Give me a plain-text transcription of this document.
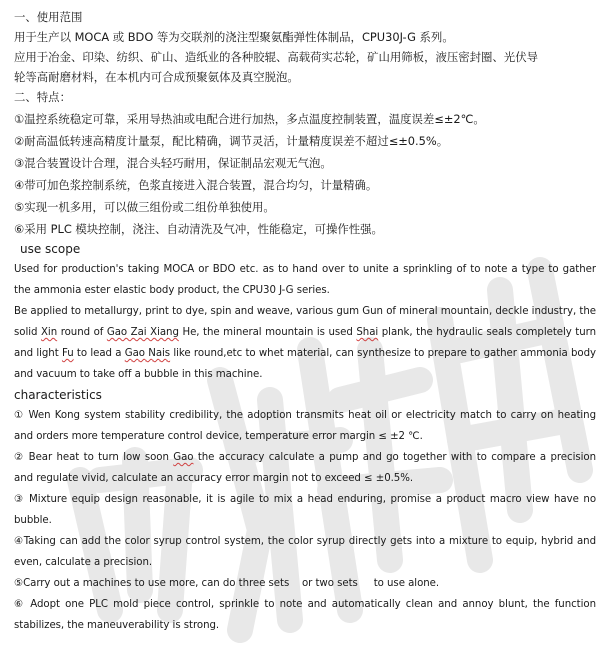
一、使用范围
用于生产以 MOCA 或 BDO 等为交联剂的浇注型聚氨酯弹性体制品，CPU30J-G 系列。
应用于冶金、印染、纺织、矿山、造纸业的各种胶辊、高载荷实芯轮，矿山用筛板，液压密封圈、光伏导
轮等高耐磨材料，在本机内可合成预聚氨体及真空脱泡。
二、特点：
①温控系统稳定可靠，采用导热油或电配合进行加热，多点温度控制装置，温度误差≤±2℃。
②耐高温低转速高精度计量泵，配比精确，调节灵活，计量精度误差不超过≤±0.5%。
③混合装置设计合理，混合头轻巧耐用，保证制品宏观无气泡。
④带可加色浆控制系统，色浆直接进入混合装置，混合均匀，计量精确。
⑤实现一机多用，可以做三组份或二组份单独使用。
⑥采用 PLC 模块控制，浇注、自动清洗及气冲，性能稳定，可操作性强。
use scope
Used for production's taking MOCA or BDO etc. as to hand over to unite a sprinkling of to note a type to gather
the ammonia ester elastic body product, the CPU30 J-G series.
Be applied to metallurgy, print to dye, spin and weave, various gum Gun of mineral mountain, deckle industry, the
solid Xin round of Gao Zai Xiang He, the mineral mountain is used Shai plank, the hydraulic seals completely turn
and light Fu to lead a Gao Nais like round,etc to whet material, can synthesize to prepare to gather ammonia body
and vacuum to take off a bubble in this machine.
characteristics
① Wen Kong system stability credibility, the adoption transmits heat oil or electricity match to carry on heating
and orders more temperature control device, temperature error margin ≤ ±2 ℃.
② Bear heat to turn low soon Gao the accuracy calculate a pump and go together with to compare a precision
and regulate vivid, calculate an accuracy error margin not to exceed ≤ ±0.5%.
③ Mixture equip design reasonable, it is agile to mix a head enduring, promise a product macro view have no
bubble.
④Taking can add the color syrup control system, the color syrup directly gets into a mixture to equip, hybrid and
even, calculate a precision.
⑤Carry out a machines to use more, can do three sets    or two sets     to use alone.
⑥ Adopt one PLC mold piece control, sprinkle to note and automatically clean and annoy blunt, the function
stabilizes, the maneuverability is strong.
